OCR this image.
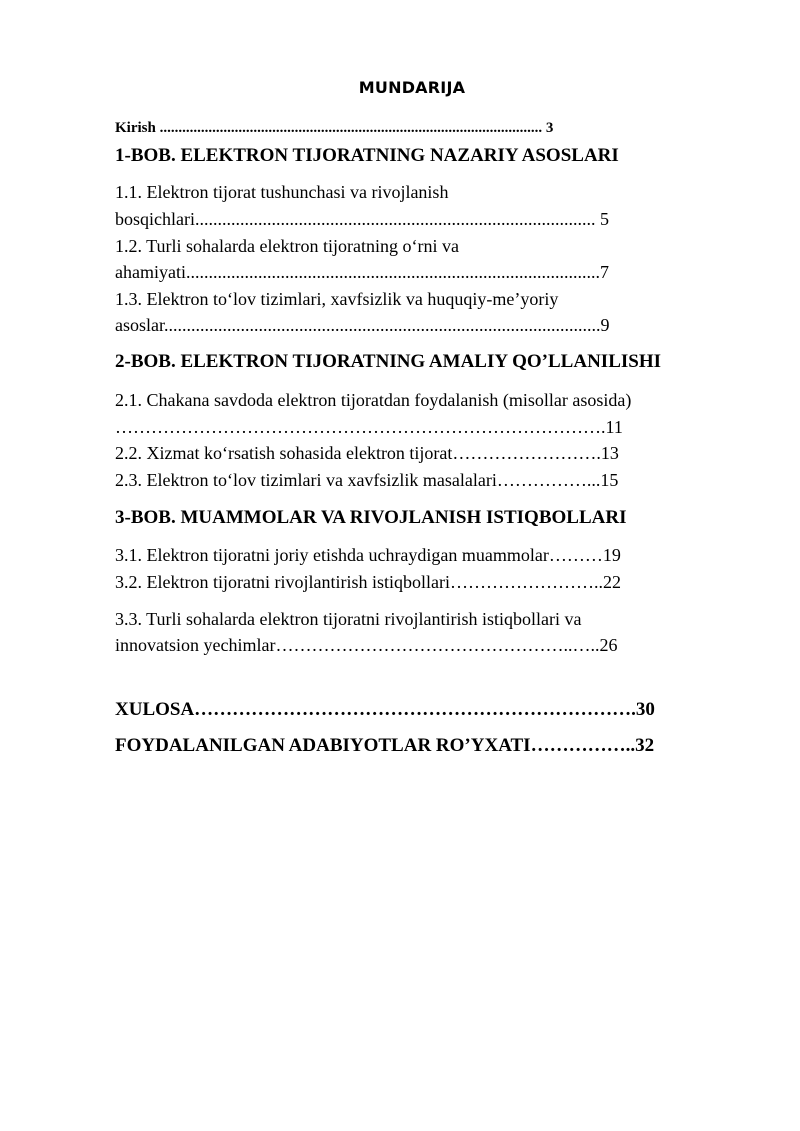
MUNDARIJA
Kirish ...................................................................................................... 3
1-BOB. ELEKTRON TIJORATNING NAZARIY ASOSLARI
1.1. Elektron tijorat tushunchasi va rivojlanish
bosqichlari......................................................................................... 5
1.2. Turli sohalarda elektron tijoratning o‘rni va
ahamiyati............................................................................................7
1.3. Elektron to‘lov tizimlari, xavfsizlik va huquqiy-me’yoriy
asoslar.................................................................................................9
2-BOB. ELEKTRON TIJORATNING AMALIY QO’LLANILISHI
2.1. Chakana savdoda elektron tijoratdan foydalanish (misollar asosida)
……………………………………………………………………….11
2.2. Xizmat ko‘rsatish sohasida elektron tijorat…………………….13
2.3. Elektron to‘lov tizimlari va xavfsizlik masalalari……………...15
3-BOB. MUAMMOLAR VA RIVOJLANISH ISTIQBOLLARI
3.1. Elektron tijoratni joriy etishda uchraydigan muammolar………19
3.2. Elektron tijoratni rivojlantirish istiqbollari……………………..22
3.3. Turli sohalarda elektron tijoratni rivojlantirish istiqbollari va
innovatsion yechimlar…………………………………………..…..26
XULOSA…………………………………………………………….30
FOYDALANILGAN ADABIYOTLAR RO’YXATI……………..32
